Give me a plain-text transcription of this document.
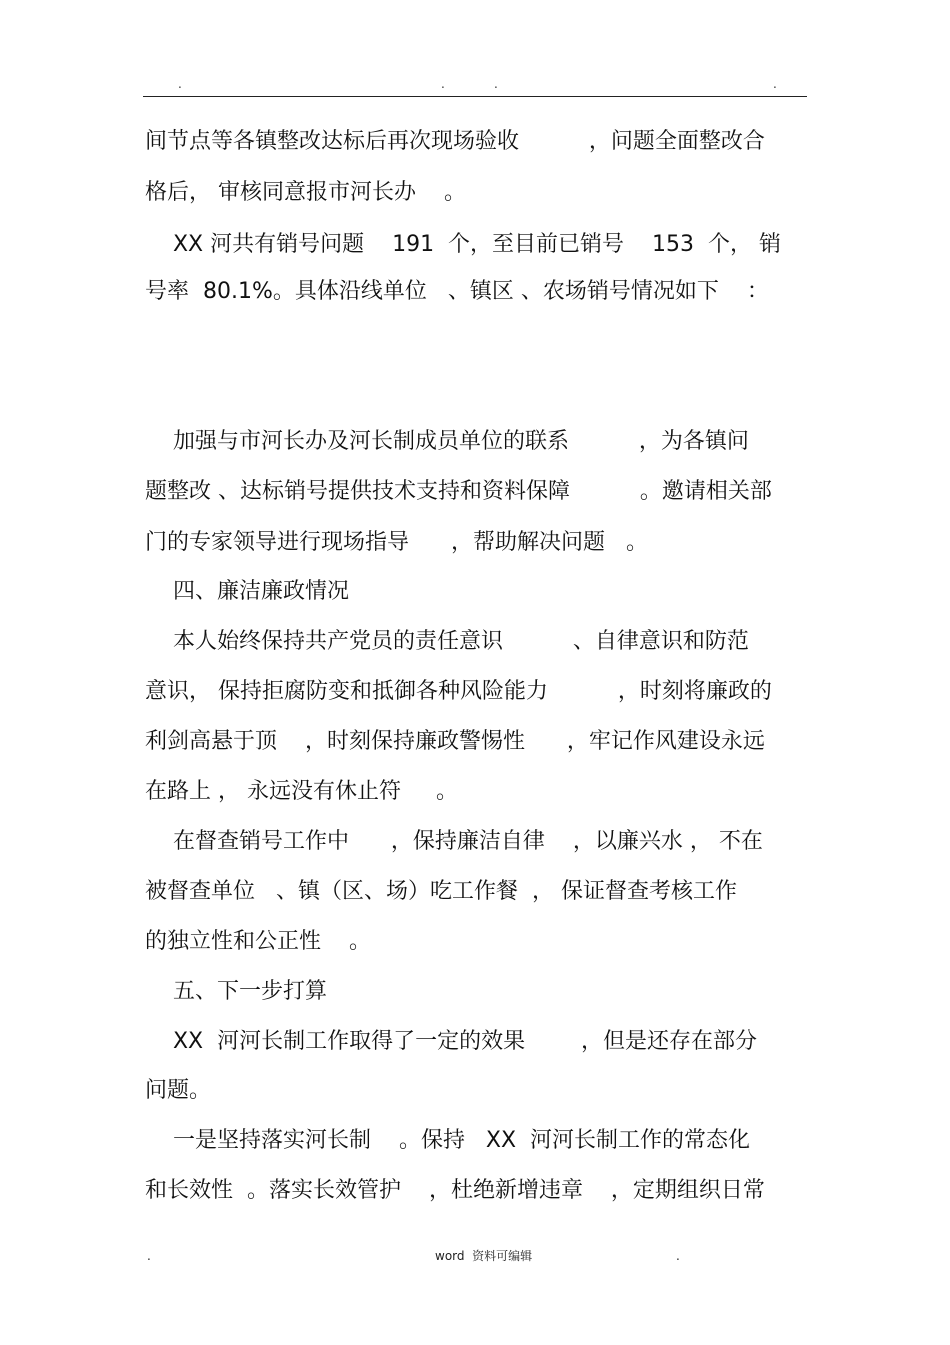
.	.	.	.
间节点等各镇整改达标后再次现场验收          ，问题全面整改合
格后， 审核同意报市河长办    。
XX 河共有销号问题    191  个，至目前已销号    153  个， 销
号率  80.1%。具体沿线单位   、镇区 、农场销号情况如下    ：
加强与市河长办及河长制成员单位的联系          ，为各镇问
题整改 、达标销号提供技术支持和资料保障          。邀请相关部
门的专家领导进行现场指导      ，帮助解决问题   。
四、廉洁廉政情况
本人始终保持共产党员的责任意识          、自律意识和防范
意识， 保持拒腐防变和抵御各种风险能力          ，时刻将廉政的
利剑高悬于顶    ，时刻保持廉政警惕性      ，牢记作风建设永远
在路上 ， 永远没有休止符     。
在督查销号工作中      ，保持廉洁自律    ，以廉兴水 ， 不在
被督查单位   、镇（区、场）吃工作餐  ， 保证督查考核工作
的独立性和公正性    。
五、下一步打算
XX  河河长制工作取得了一定的效果        ，但是还存在部分
问题。
一是坚持落实河长制    。保持   XX  河河长制工作的常态化
和长效性  。落实长效管护    ，杜绝新增违章    ，定期组织日常
.	word  资料可编辑	.
